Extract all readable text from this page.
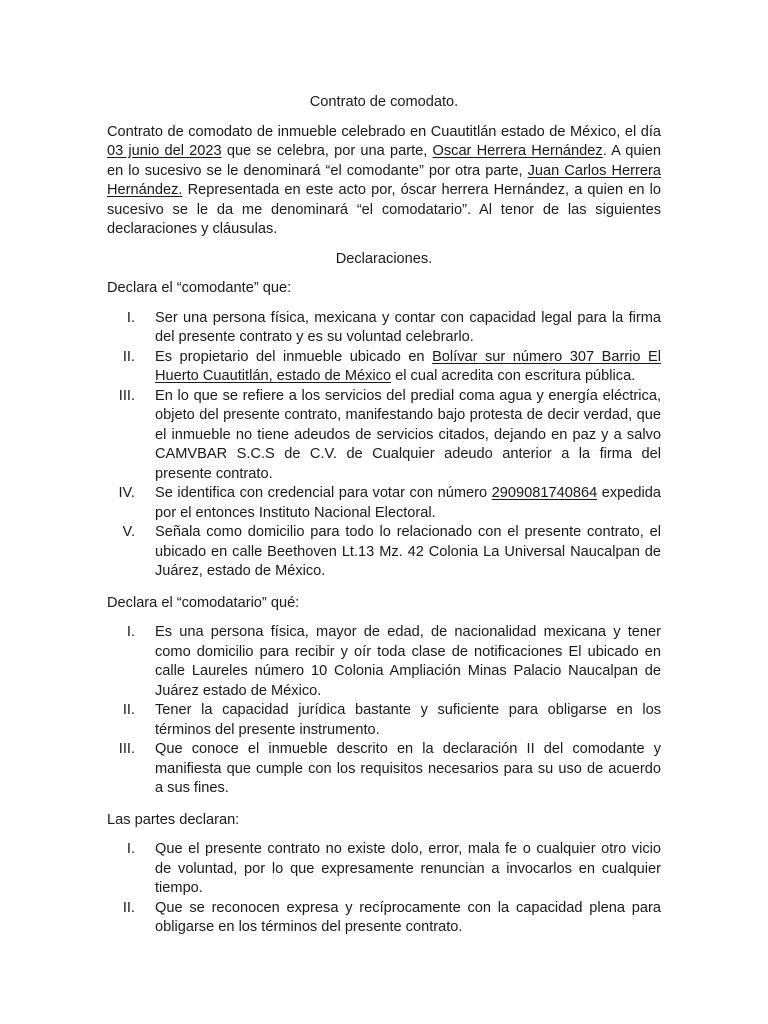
Contrato de comodato.

Contrato de comodato de inmueble celebrado en Cuautitlán estado de México, el día 03 junio del 2023 que se celebra, por una parte, Oscar Herrera Hernández. A quien en lo sucesivo se le denominará “el comodante” por otra parte, Juan Carlos Herrera Hernández. Representada en este acto por, óscar herrera Hernández, a quien en lo sucesivo se le da me denominará “el comodatario”. Al tenor de las siguientes declaraciones y cláusulas.

Declaraciones.

Declara el “comodante” que:

I. Ser una persona física, mexicana y contar con capacidad legal para la firma del presente contrato y es su voluntad celebrarlo.
II. Es propietario del inmueble ubicado en Bolívar sur número 307 Barrio El Huerto Cuautitlán, estado de México el cual acredita con escritura pública.
III. En lo que se refiere a los servicios del predial coma agua y energía eléctrica, objeto del presente contrato, manifestando bajo protesta de decir verdad, que el inmueble no tiene adeudos de servicios citados, dejando en paz y a salvo CAMVBAR S.C.S de C.V. de Cualquier adeudo anterior a la firma del presente contrato.
IV. Se identifica con credencial para votar con número 2909081740864 expedida por el entonces Instituto Nacional Electoral.
V. Señala como domicilio para todo lo relacionado con el presente contrato, el ubicado en calle Beethoven Lt.13 Mz. 42 Colonia La Universal Naucalpan de Juárez, estado de México.

Declara el “comodatario” qué:

I. Es una persona física, mayor de edad, de nacionalidad mexicana y tener como domicilio para recibir y oír toda clase de notificaciones El ubicado en calle Laureles número 10 Colonia Ampliación Minas Palacio Naucalpan de Juárez estado de México.
II. Tener la capacidad jurídica bastante y suficiente para obligarse en los términos del presente instrumento.
III. Que conoce el inmueble descrito en la declaración II del comodante y manifiesta que cumple con los requisitos necesarios para su uso de acuerdo a sus fines.

Las partes declaran:

I. Que el presente contrato no existe dolo, error, mala fe o cualquier otro vicio de voluntad, por lo que expresamente renuncian a invocarlos en cualquier tiempo.
II. Que se reconocen expresa y recíprocamente con la capacidad plena para obligarse en los términos del presente contrato.
